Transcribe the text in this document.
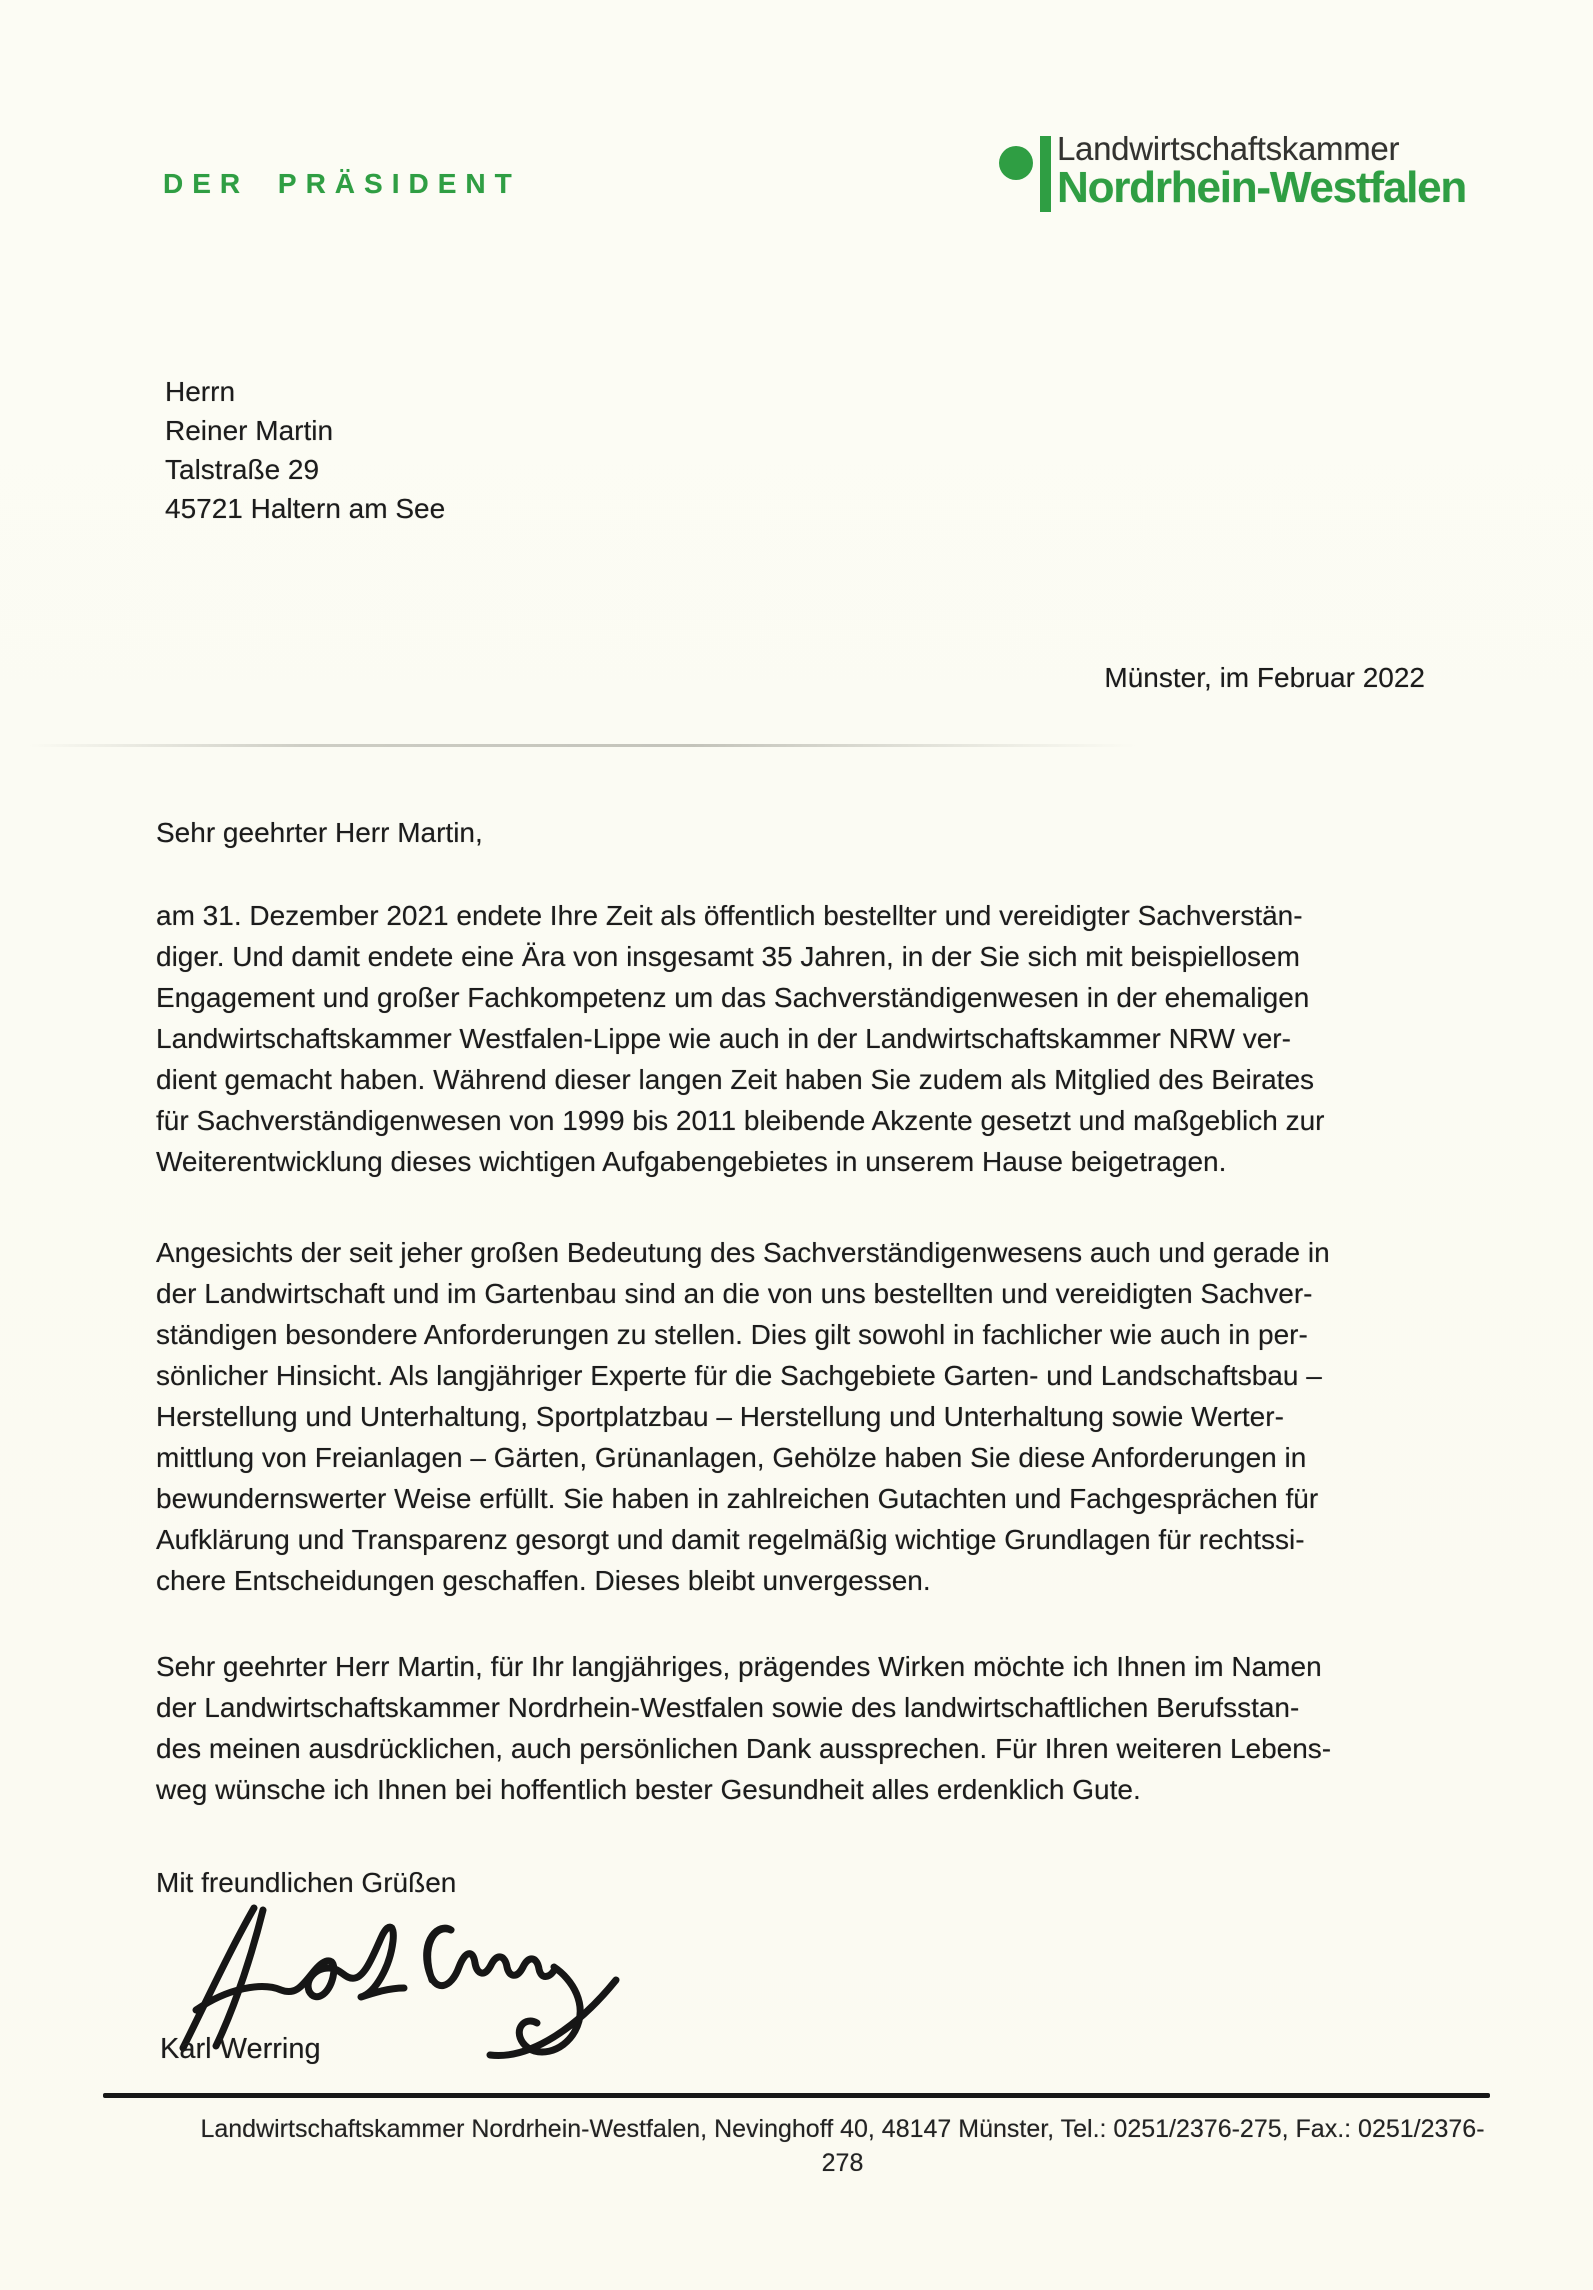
DER PRÄSIDENT
Landwirtschaftskammer
Nordrhein-Westfalen
Herrn
Reiner Martin
Talstraße 29
45721 Haltern am See
Münster, im Februar 2022
Sehr geehrter Herr Martin,
am 31. Dezember 2021 endete Ihre Zeit als öffentlich bestellter und vereidigter Sachverstän-
diger. Und damit endete eine Ära von insgesamt 35 Jahren, in der Sie sich mit beispiellosem
Engagement und großer Fachkompetenz um das Sachverständigenwesen in der ehemaligen
Landwirtschaftskammer Westfalen-Lippe wie auch in der Landwirtschaftskammer NRW ver-
dient gemacht haben. Während dieser langen Zeit haben Sie zudem als Mitglied des Beirates
für Sachverständigenwesen von 1999 bis 2011 bleibende Akzente gesetzt und maßgeblich zur
Weiterentwicklung dieses wichtigen Aufgabengebietes in unserem Hause beigetragen.
Angesichts der seit jeher großen Bedeutung des Sachverständigenwesens auch und gerade in
der Landwirtschaft und im Gartenbau sind an die von uns bestellten und vereidigten Sachver-
ständigen besondere Anforderungen zu stellen. Dies gilt sowohl in fachlicher wie auch in per-
sönlicher Hinsicht. Als langjähriger Experte für die Sachgebiete Garten- und Landschaftsbau –
Herstellung und Unterhaltung, Sportplatzbau – Herstellung und Unterhaltung sowie Werter-
mittlung von Freianlagen – Gärten, Grünanlagen, Gehölze haben Sie diese Anforderungen in
bewundernswerter Weise erfüllt. Sie haben in zahlreichen Gutachten und Fachgesprächen für
Aufklärung und Transparenz gesorgt und damit regelmäßig wichtige Grundlagen für rechtssi-
chere Entscheidungen geschaffen. Dieses bleibt unvergessen.
Sehr geehrter Herr Martin, für Ihr langjähriges, prägendes Wirken möchte ich Ihnen im Namen
der Landwirtschaftskammer Nordrhein-Westfalen sowie des landwirtschaftlichen Berufsstan-
des meinen ausdrücklichen, auch persönlichen Dank aussprechen. Für Ihren weiteren Lebens-
weg wünsche ich Ihnen bei hoffentlich bester Gesundheit alles erdenklich Gute.
Mit freundlichen Grüßen
Karl Werring
Landwirtschaftskammer Nordrhein-Westfalen, Nevinghoff 40, 48147 Münster, Tel.: 0251/2376-275, Fax.: 0251/2376-278
